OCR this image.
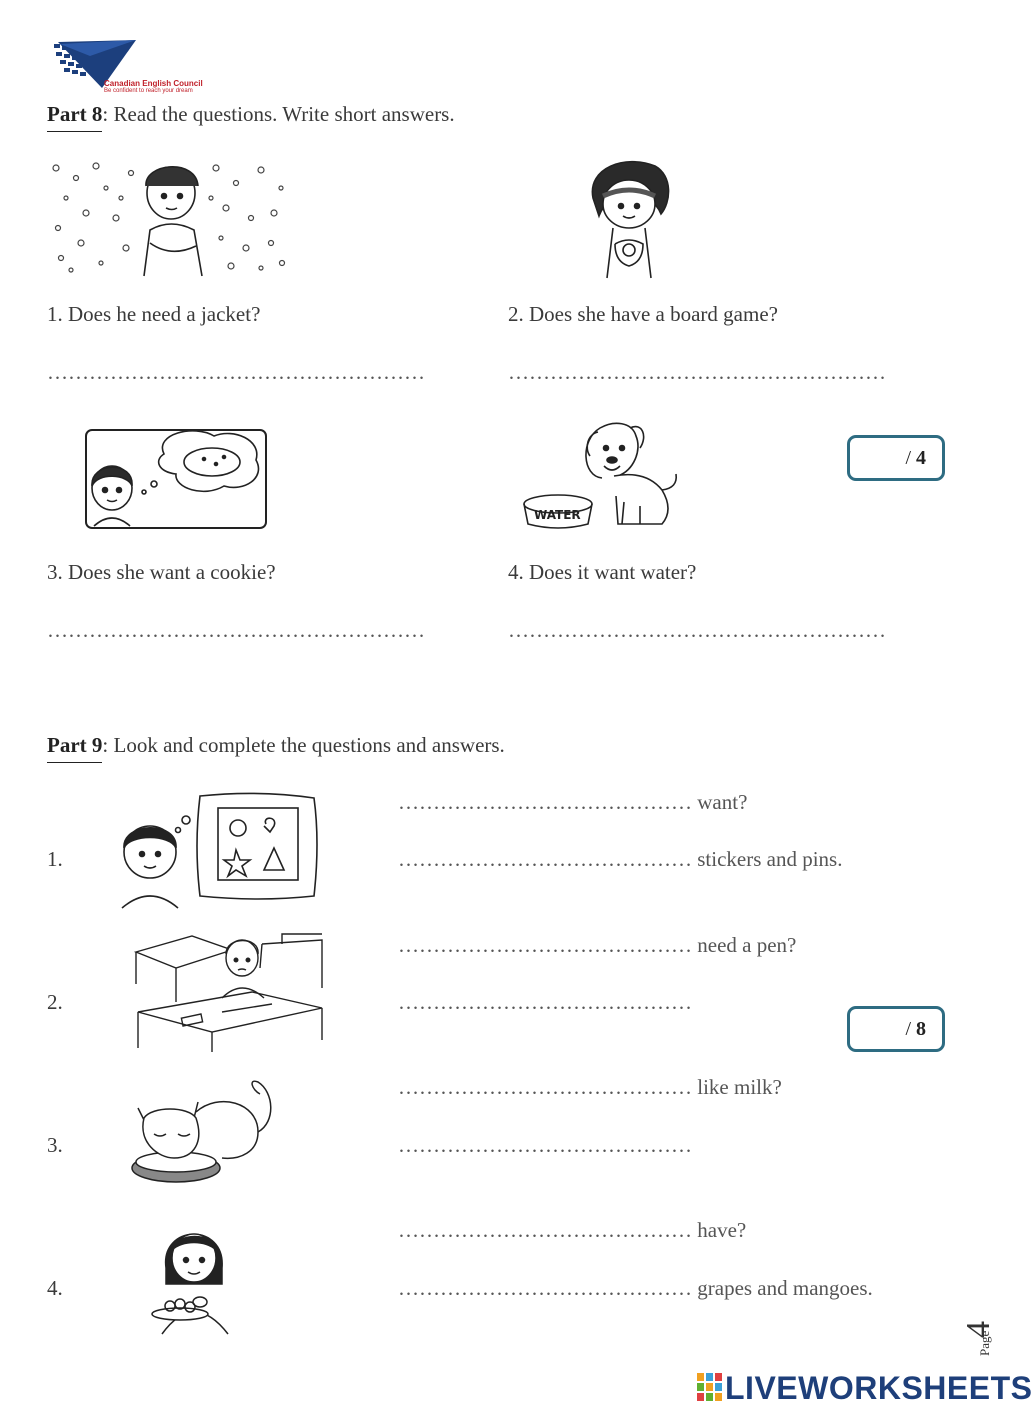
Canadian English Council
Be confident to reach your dream
Part 8: Read the questions. Write short answers.
1. Does he need a jacket?	2. Does she have a board game?
………………………………………………	………………………………………………
WATER
/ 4
3. Does she want a cookie?	4. Does it want water?
………………………………………………	………………………………………………
Part 9: Look and complete the questions and answers.
1.
…………………………………… want?
…………………………………… stickers and pins.
2.
…………………………………… need a pen?
……………………………………
/ 8
3.
…………………………………… like milk?
……………………………………
4.
…………………………………… have?
…………………………………… grapes and mangoes.
Page
4
LIVEWORKSHEETS
